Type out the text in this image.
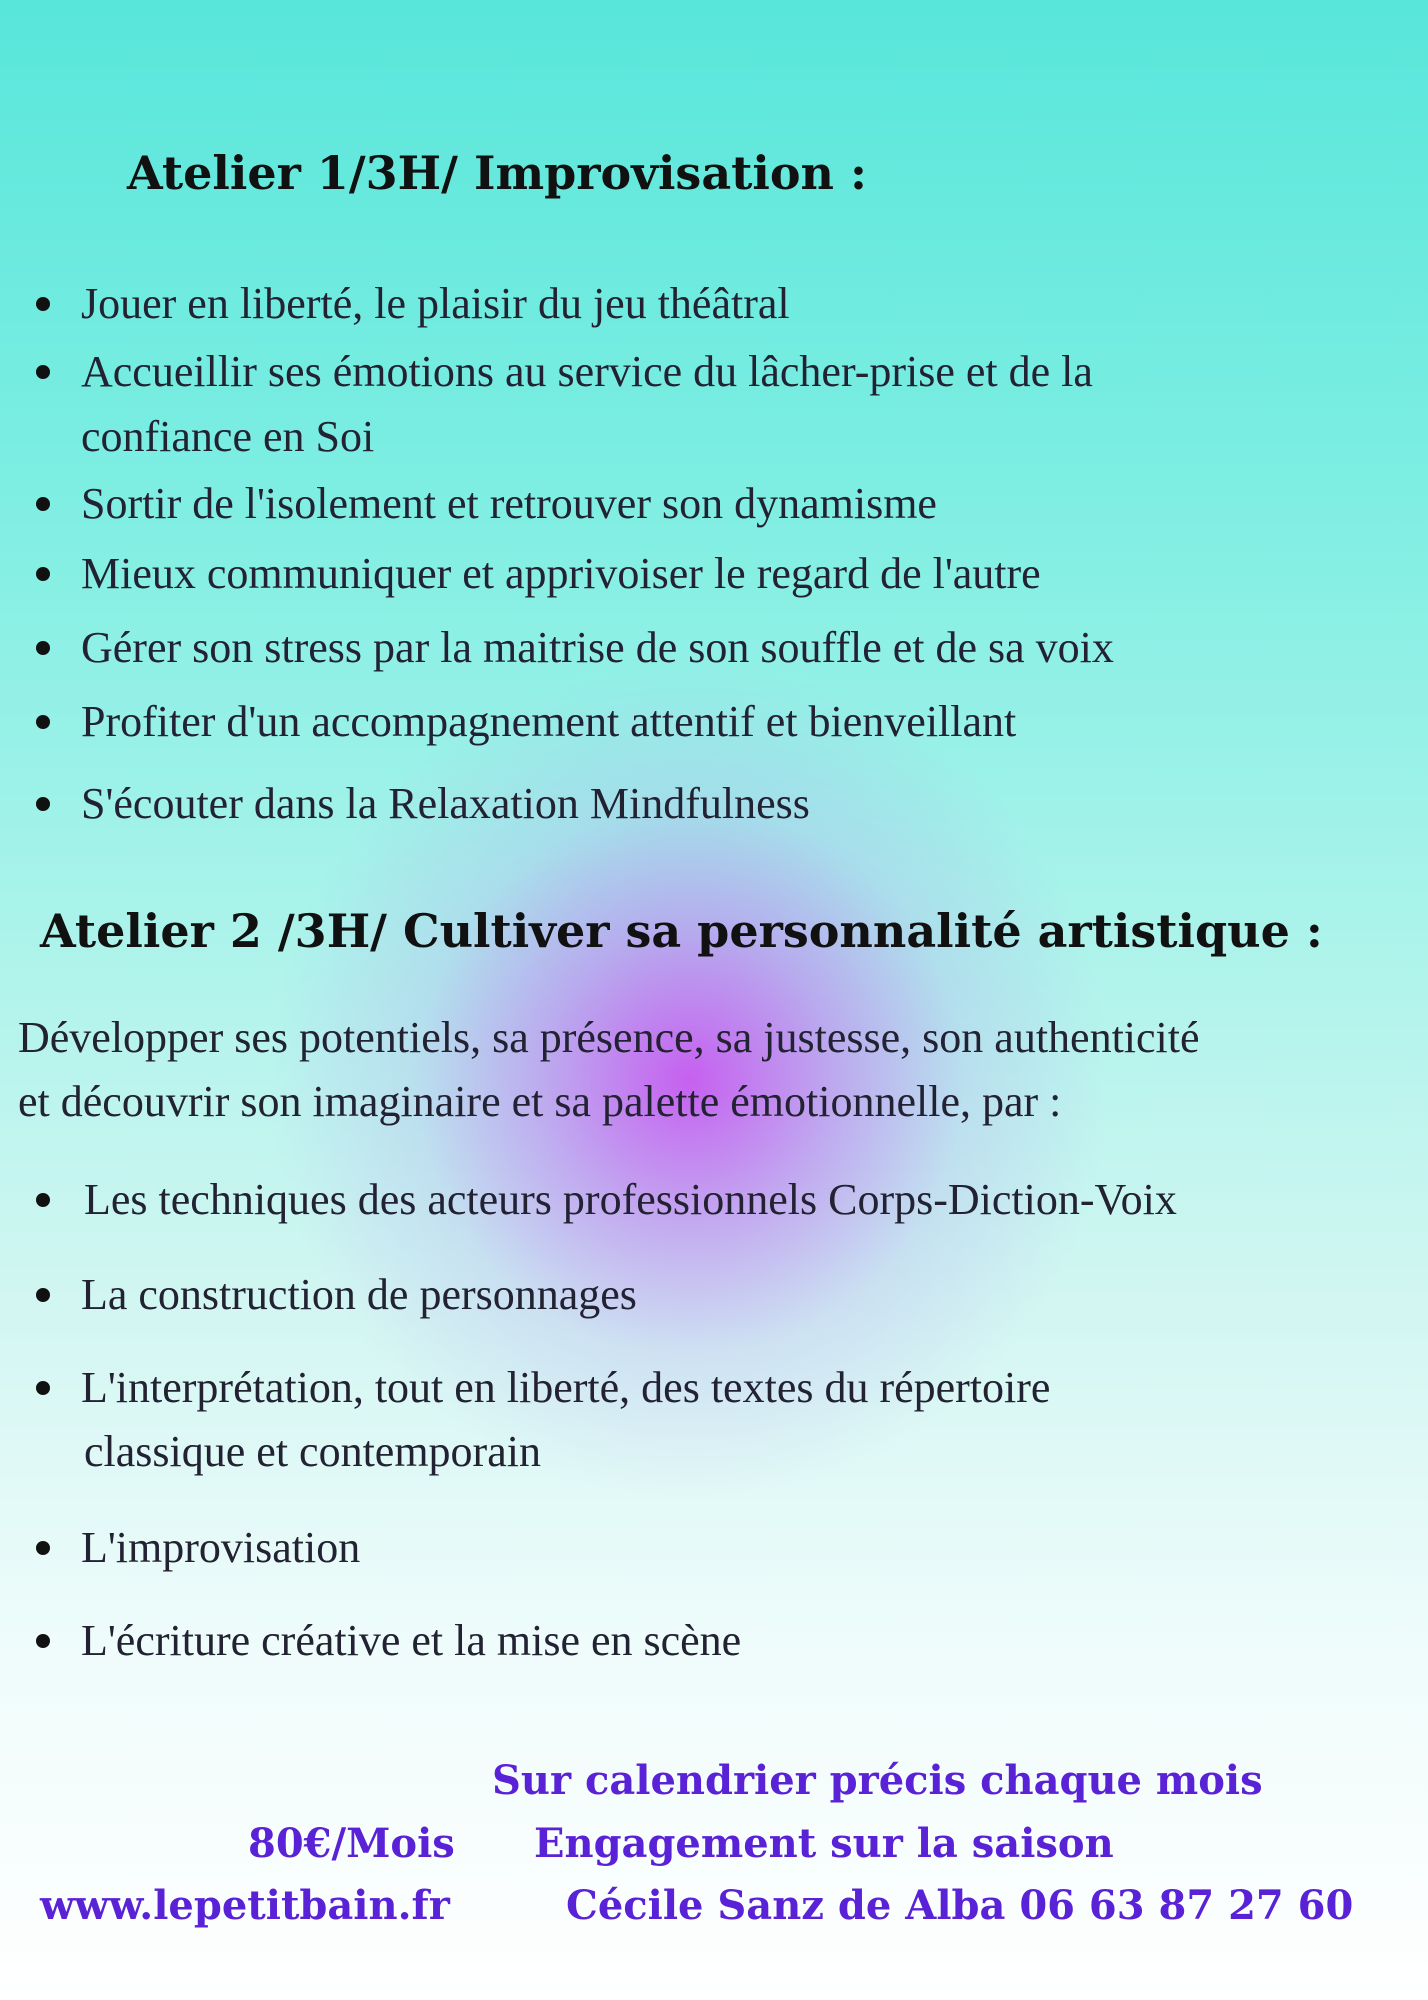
Atelier 1/3H/ Improvisation :
Jouer en liberté, le plaisir du jeu théâtral
Accueillir ses émotions au service du lâcher-prise et de la
confiance en Soi
Sortir de l'isolement et retrouver son dynamisme
Mieux communiquer et apprivoiser le regard de l'autre
Gérer son stress par la maitrise de son souffle et de sa voix
Profiter d'un accompagnement attentif et bienveillant
S'écouter dans la Relaxation Mindfulness
Atelier 2 /3H/ Cultiver sa personnalité artistique :
Développer ses potentiels, sa présence, sa justesse, son authenticité
et découvrir son imaginaire et sa palette émotionnelle, par :
Les techniques des acteurs professionnels Corps-Diction-Voix
La construction de personnages
L'interprétation, tout en liberté, des textes du répertoire
classique et contemporain
L'improvisation
L'écriture créative et la mise en scène

Sur calendrier précis chaque mois

80€/Mois Engagement sur la saison

www.lepetitbain.fr	Cécile Sanz de Alba 06 63 87 27 60
